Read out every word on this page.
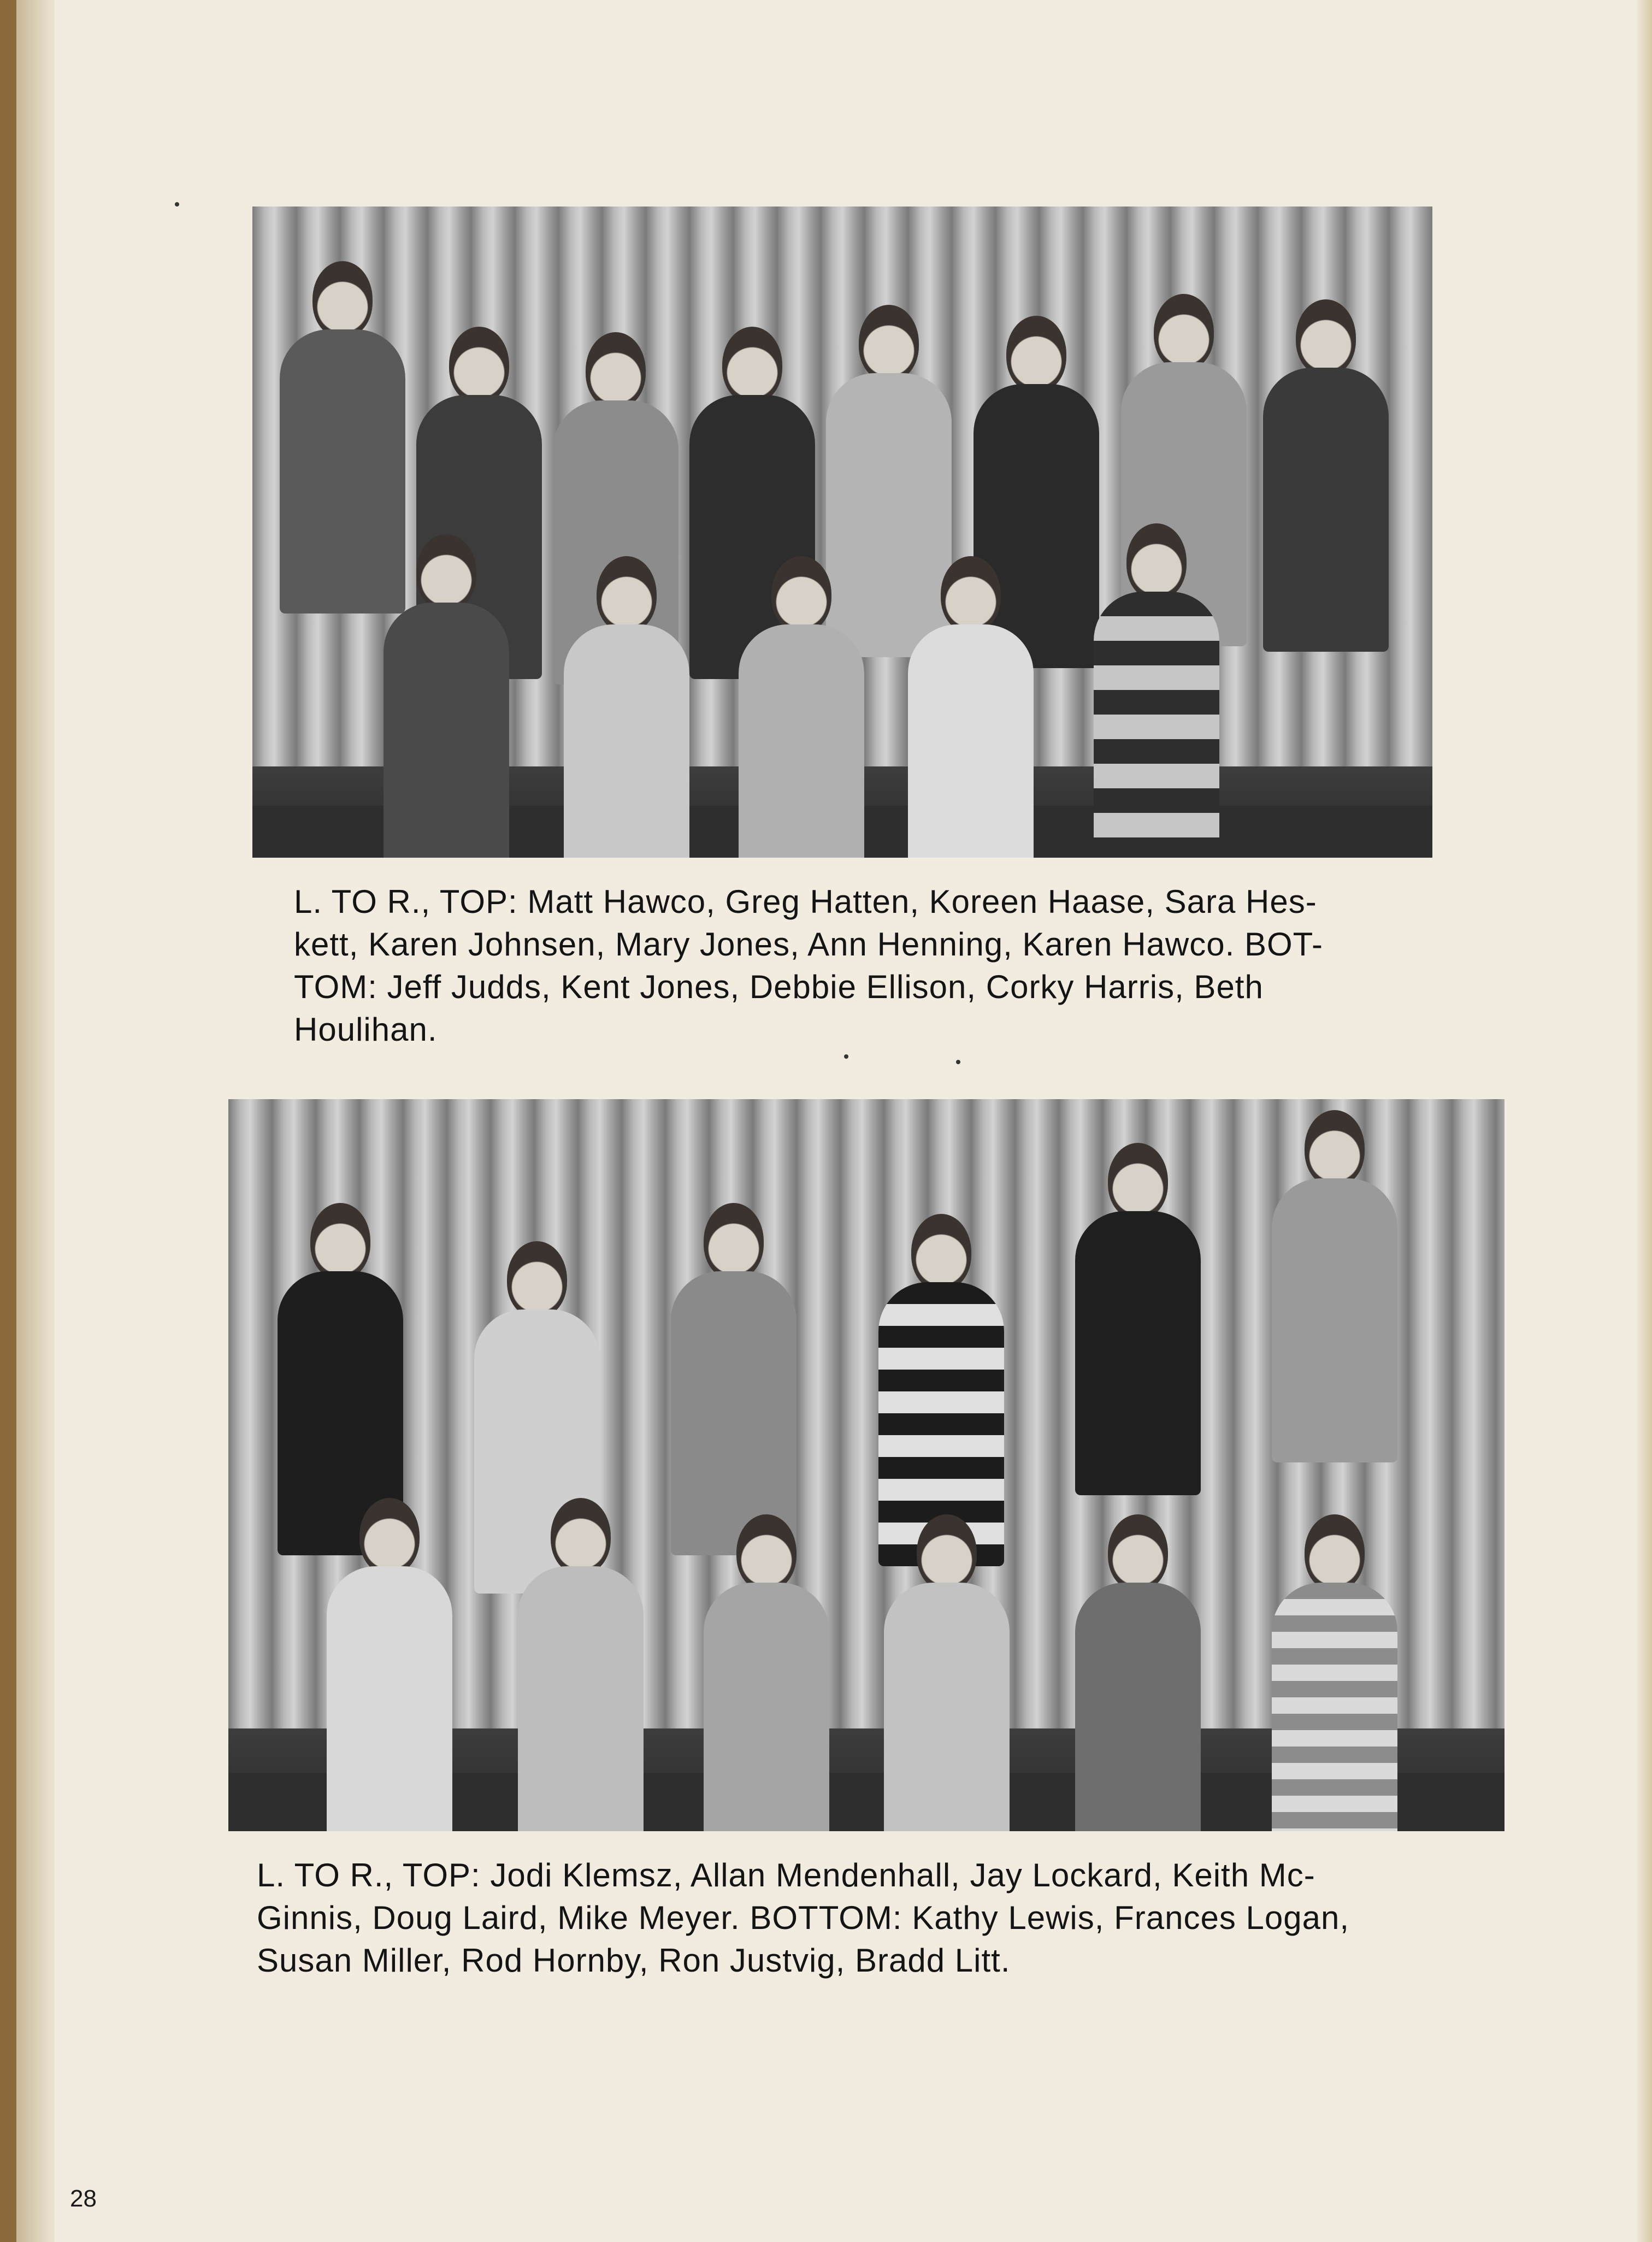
L. TO R., TOP: Matt Hawco, Greg Hatten, Koreen Haase, Sara Hes-
kett, Karen Johnsen, Mary Jones, Ann Henning, Karen Hawco. BOT-
TOM: Jeff Judds, Kent Jones, Debbie Ellison, Corky Harris, Beth
Houlihan.

L. TO R., TOP: Jodi Klemsz, Allan Mendenhall, Jay Lockard, Keith Mc-
Ginnis, Doug Laird, Mike Meyer. BOTTOM: Kathy Lewis, Frances Logan,
Susan Miller, Rod Hornby, Ron Justvig, Bradd Litt.

28
